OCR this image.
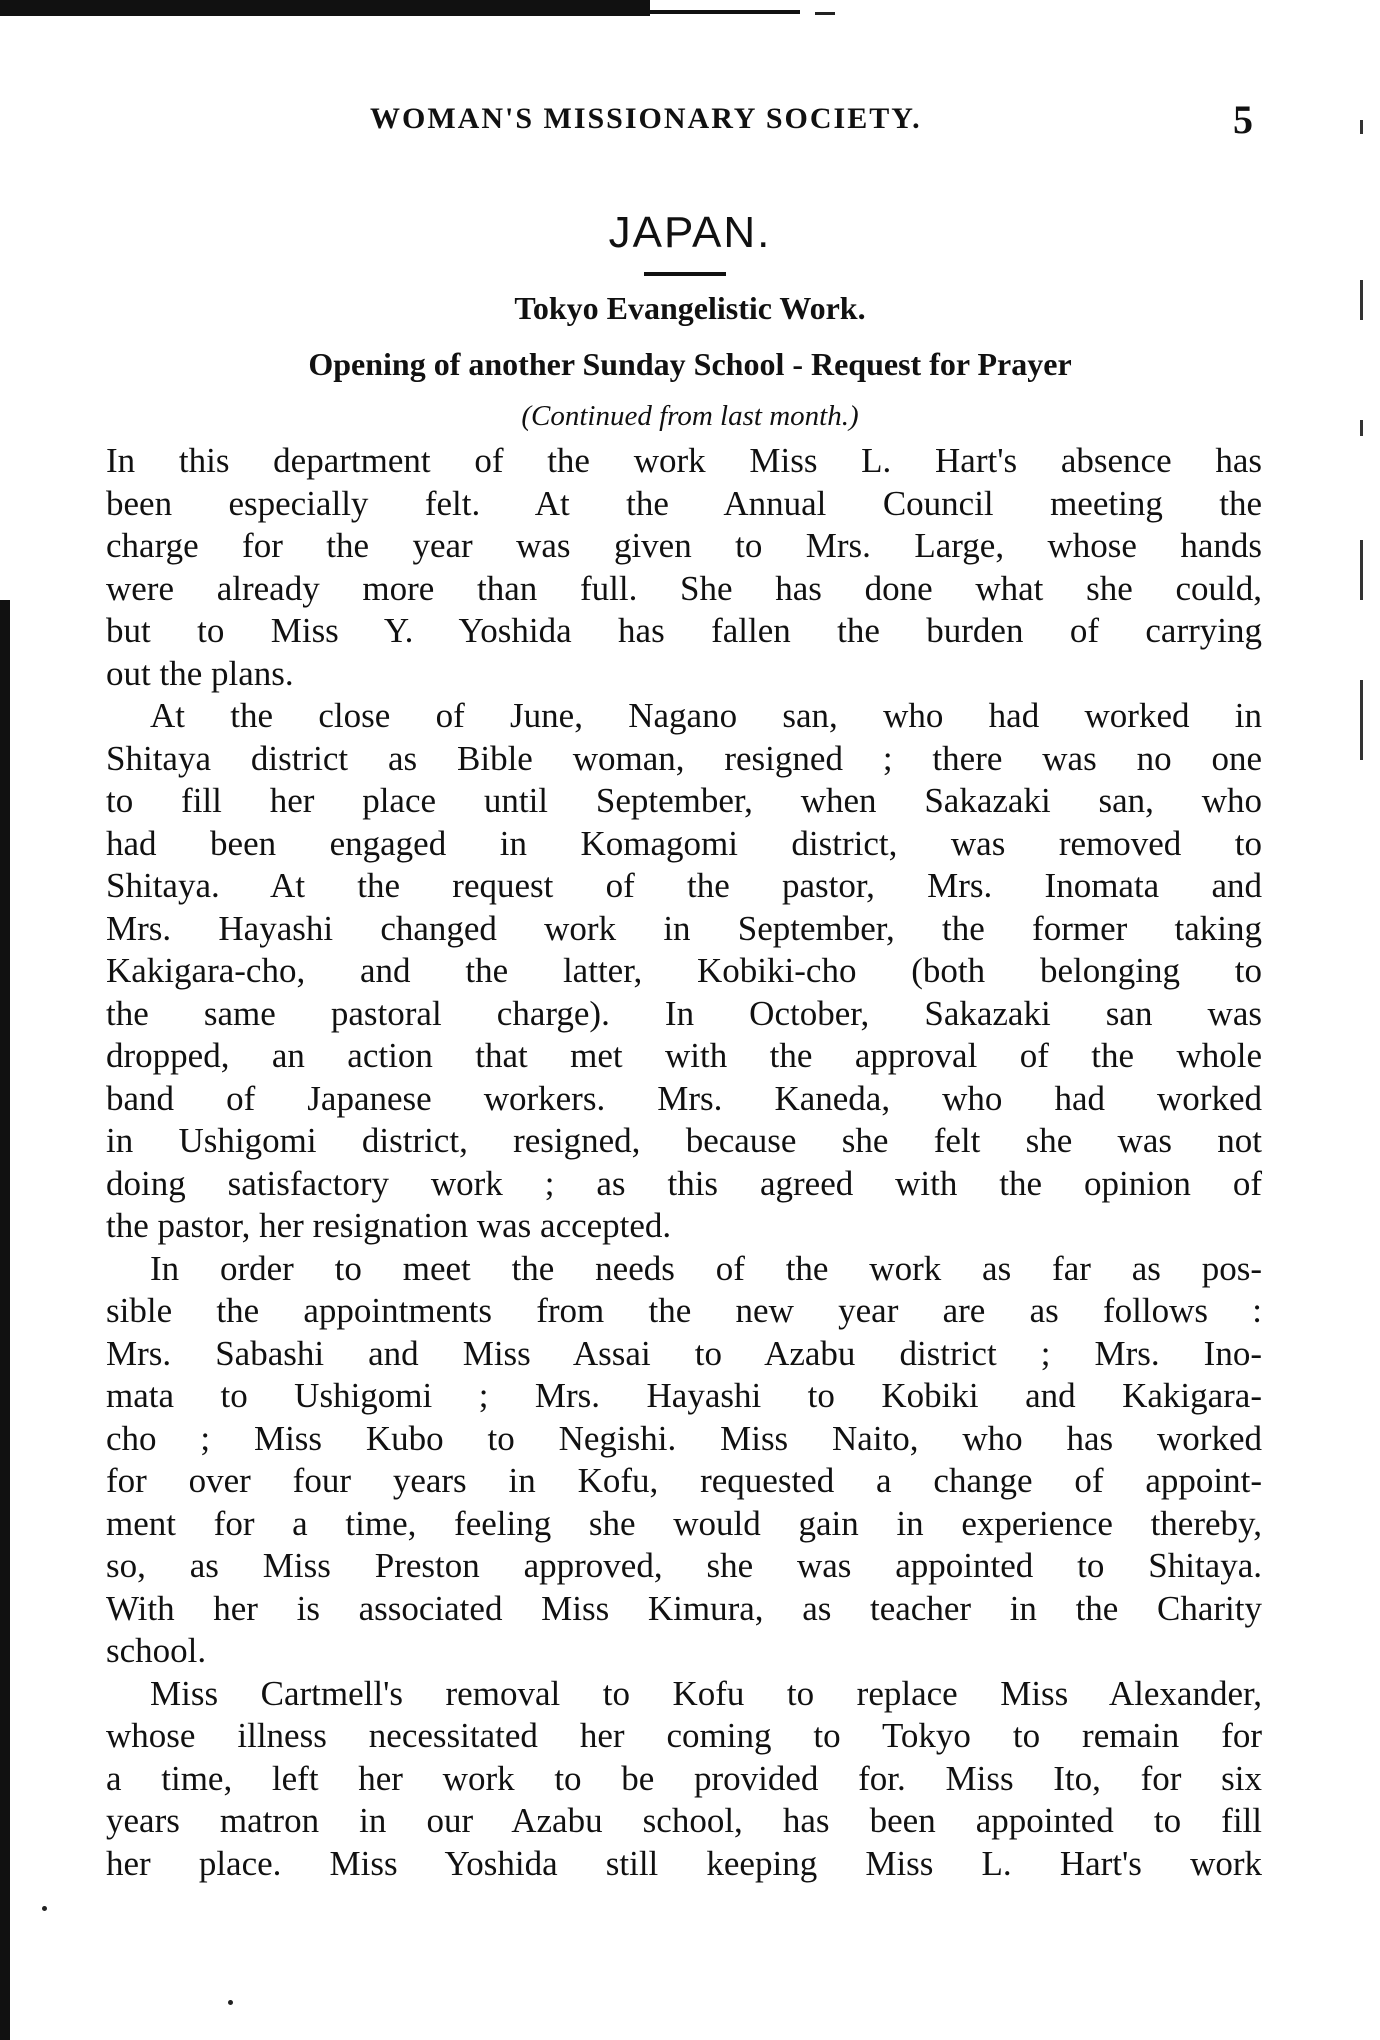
WOMAN'S MISSIONARY SOCIETY.	5
JAPAN.
Tokyo Evangelistic Work.
Opening of another Sunday School - Request for Prayer
(Continued from last month.)
In this department of the work Miss L. Hart's absence has
been especially felt. At the Annual Council meeting the
charge for the year was given to Mrs. Large, whose hands
were already more than full. She has done what she could,
but to Miss Y. Yoshida has fallen the burden of carrying
out the plans.
At the close of June, Nagano san, who had worked in
Shitaya district as Bible woman, resigned ; there was no one
to fill her place until September, when Sakazaki san, who
had been engaged in Komagomi district, was removed to
Shitaya. At the request of the pastor, Mrs. Inomata and
Mrs. Hayashi changed work in September, the former taking
Kakigara-cho, and the latter, Kobiki-cho (both belonging to
the same pastoral charge). In October, Sakazaki san was
dropped, an action that met with the approval of the whole
band of Japanese workers. Mrs. Kaneda, who had worked
in Ushigomi district, resigned, because she felt she was not
doing satisfactory work ; as this agreed with the opinion of
the pastor, her resignation was accepted.
In order to meet the needs of the work as far as pos-
sible the appointments from the new year are as follows :
Mrs. Sabashi and Miss Assai to Azabu district ; Mrs. Ino-
mata to Ushigomi ; Mrs. Hayashi to Kobiki and Kakigara-
cho ; Miss Kubo to Negishi. Miss Naito, who has worked
for over four years in Kofu, requested a change of appoint-
ment for a time, feeling she would gain in experience thereby,
so, as Miss Preston approved, she was appointed to Shitaya.
With her is associated Miss Kimura, as teacher in the Charity
school.
Miss Cartmell's removal to Kofu to replace Miss Alexander,
whose illness necessitated her coming to Tokyo to remain for
a time, left her work to be provided for. Miss Ito, for six
years matron in our Azabu school, has been appointed to fill
her place. Miss Yoshida still keeping Miss L. Hart's work
